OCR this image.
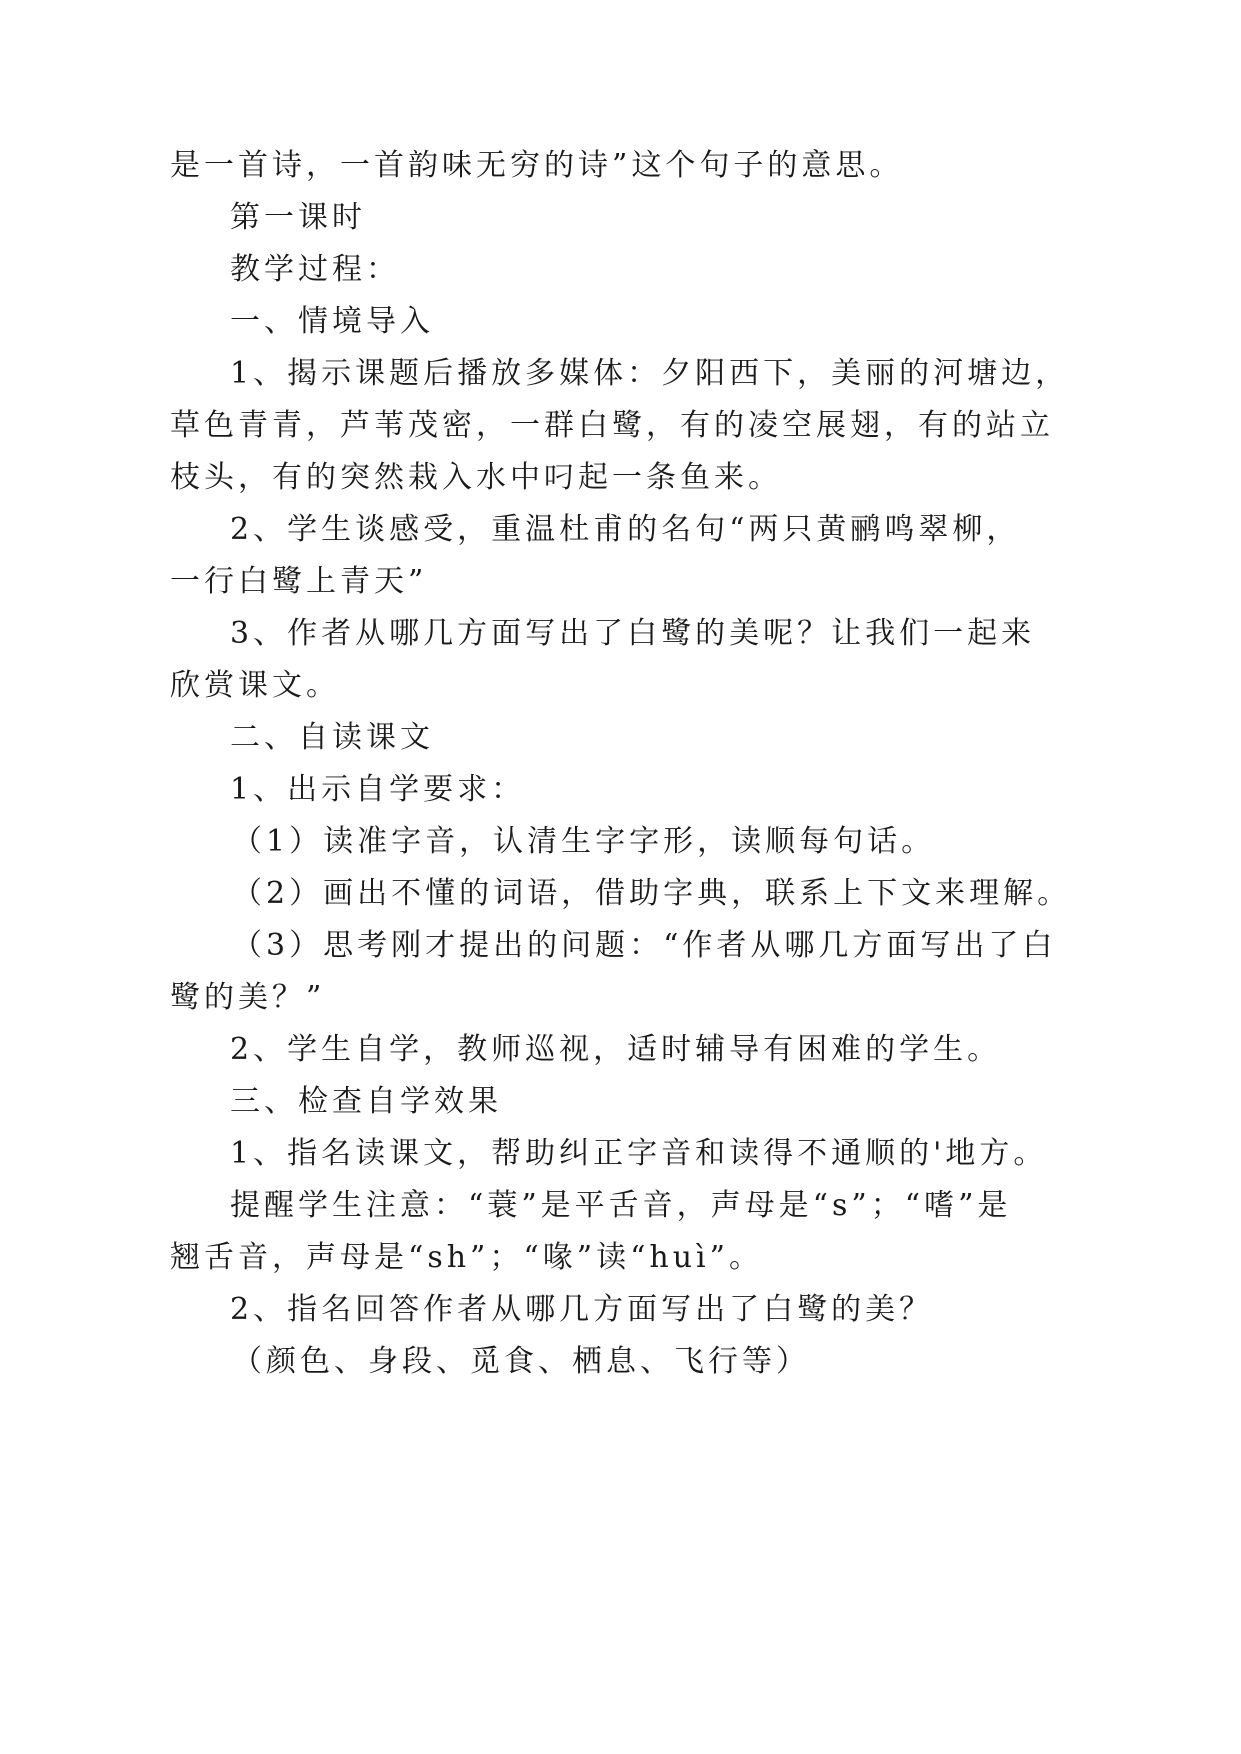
是一首诗，一首韵味无穷的诗”这个句子的意思。
第一课时
教学过程：
一、情境导入
1、揭示课题后播放多媒体：夕阳西下，美丽的河塘边，
草色青青，芦苇茂密，一群白鹭，有的凌空展翅，有的站立
枝头，有的突然栽入水中叼起一条鱼来。
2、学生谈感受，重温杜甫的名句“两只黄鹂鸣翠柳，
一行白鹭上青天”
3、作者从哪几方面写出了白鹭的美呢？让我们一起来
欣赏课文。
二、自读课文
1、出示自学要求：
（1）读准字音，认清生字字形，读顺每句话。
（2）画出不懂的词语，借助字典，联系上下文来理解。
（3）思考刚才提出的问题：“作者从哪几方面写出了白
鹭的美？”
2、学生自学，教师巡视，适时辅导有困难的学生。
三、检查自学效果
1、指名读课文，帮助纠正字音和读得不通顺的'地方。
提醒学生注意：“蓑”是平舌音，声母是“s”；“嗜”是
翘舌音，声母是“sh”；“喙”读“huì”。
2、指名回答作者从哪几方面写出了白鹭的美？
（颜色、身段、觅食、栖息、飞行等）
